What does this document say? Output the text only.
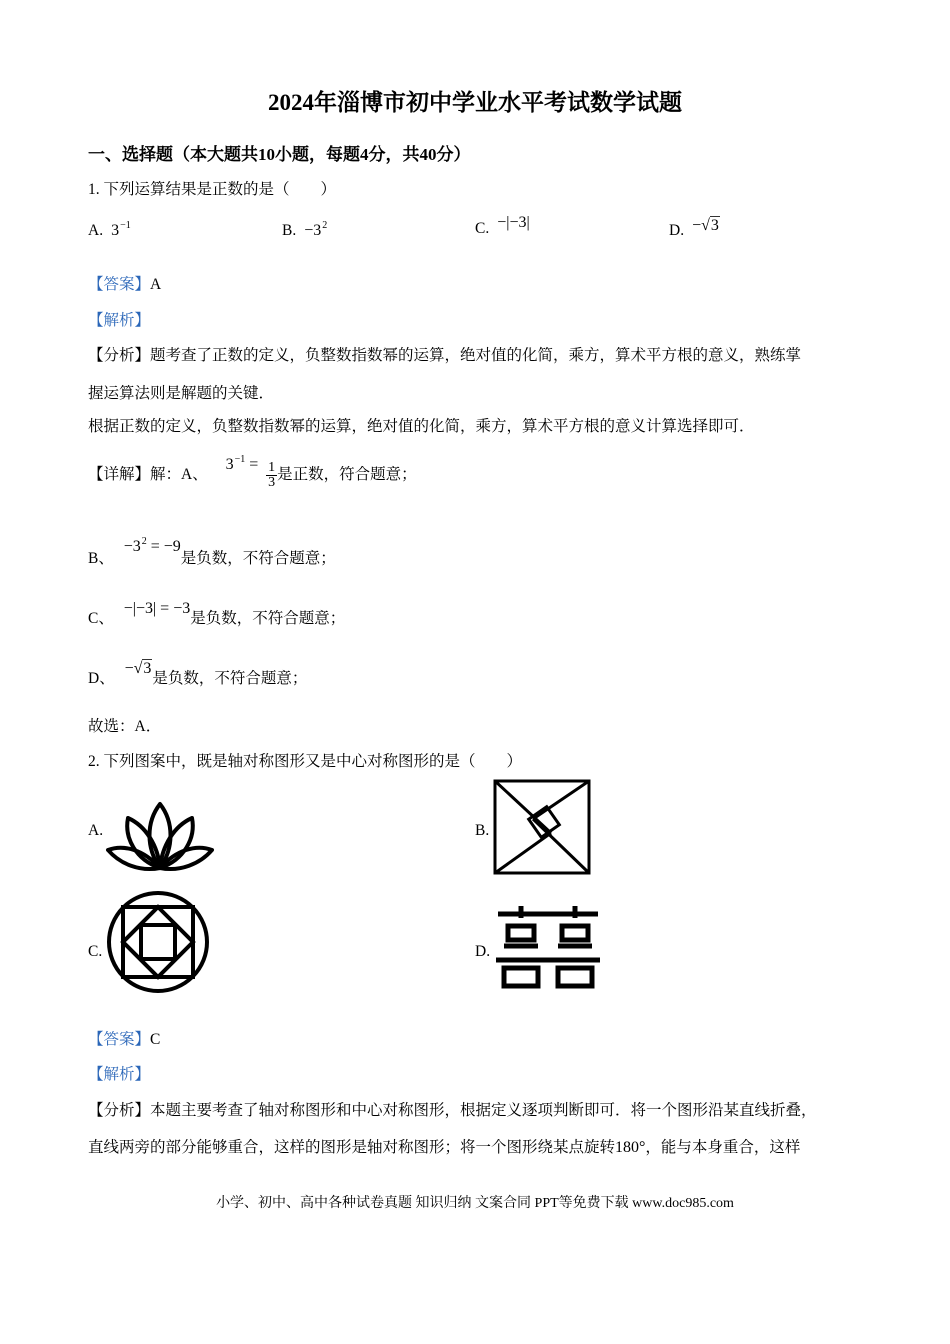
2024年淄博市初中学业水平考试数学试题
一、选择题（本大题共10小题，每题4分，共40分）
1. 下列运算结果是正数的是（　　）
A. $3^{-1}$	B. $-3^2$	C. −|−3|	D. −√3
【答案】A
【解析】
【分析】题考查了正数的定义，负整数指数幂的运算，绝对值的化简，乘方，算术平方根的意义，熟练掌
握运算法则是解题的关键．
根据正数的定义，负整数指数幂的运算，绝对值的化简，乘方，算术平方根的意义计算选择即可．
【详解】解：A、 $3^{-1} = \frac{1}{3}$ 是正数，符合题意；
B、 $-3^2 = -9$是负数，不符合题意；
C、 −|−3| = −3是负数，不符合题意；
D、 −√3是负数，不符合题意；
故选：A．
2. 下列图案中，既是轴对称图形又是中心对称图形的是（　　）
A.	B.
C.	D.
【答案】C
【解析】
【分析】本题主要考查了轴对称图形和中心对称图形，根据定义逐项判断即可．将一个图形沿某直线折叠，
直线两旁的部分能够重合，这样的图形是轴对称图形；将一个图形绕某点旋转180°，能与本身重合，这样
小学、初中、高中各种试卷真题 知识归纳 文案合同 PPT等免费下载 www.doc985.com
